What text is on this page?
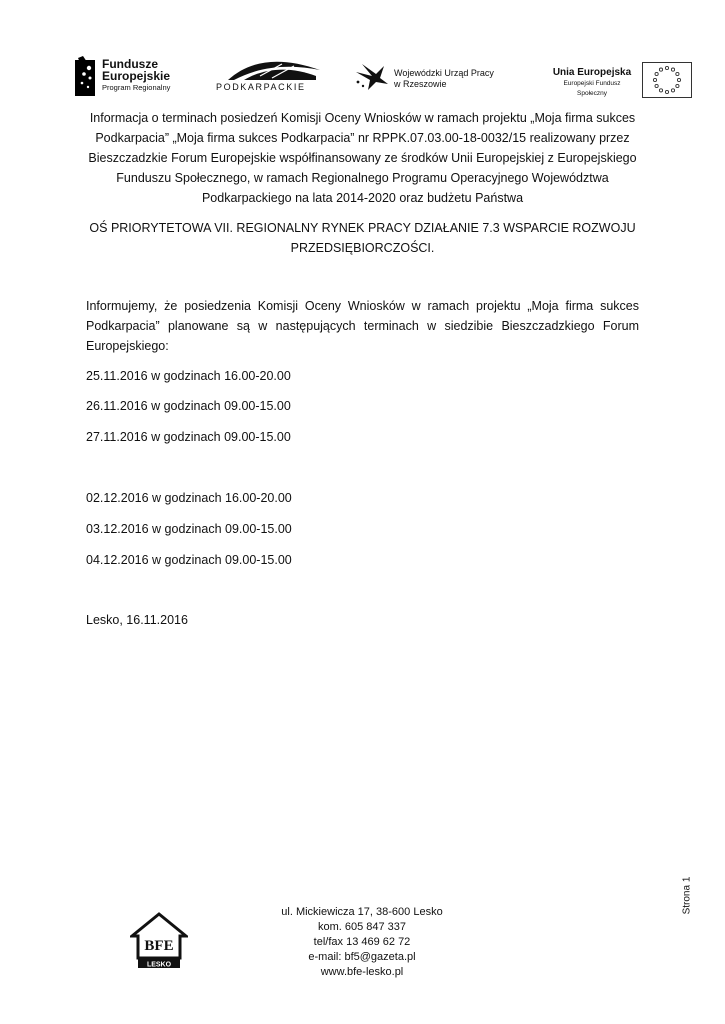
Fundusze
Europejskie
Program Regionalny	PODKARPACKIE
Wojewódzki Urząd Pracy
w Rzeszowie
Unia Europejska
Europejski Fundusz Społeczny
Informacja o terminach posiedzeń Komisji Oceny Wniosków w ramach projektu „Moja firma sukces
Podkarpacia” „Moja firma sukces Podkarpacia” nr RPPK.07.03.00-18-0032/15 realizowany przez
Bieszczadzkie Forum Europejskie współfinansowany ze środków Unii Europejskiej z Europejskiego
Funduszu Społecznego, w ramach Regionalnego Programu Operacyjnego Województwa
Podkarpackiego na lata 2014-2020 oraz budżetu Państwa
OŚ PRIORYTETOWA VII. REGIONALNY RYNEK PRACY DZIAŁANIE 7.3 WSPARCIE ROZWOJU
PRZEDSIĘBIORCZOŚCI.
Informujemy, że posiedzenia Komisji Oceny Wniosków w ramach projektu „Moja firma sukces Podkarpacia” planowane są w następujących terminach w siedzibie Bieszczadzkiego Forum Europejskiego:
25.11.2016 w godzinach 16.00-20.00
26.11.2016 w godzinach 09.00-15.00
27.11.2016 w godzinach 09.00-15.00
02.12.2016 w godzinach 16.00-20.00
03.12.2016 w godzinach 09.00-15.00
04.12.2016 w godzinach 09.00-15.00
Lesko, 16.11.2016
Strona 1
BFE
LESKO
ul. Mickiewicza 17, 38-600 Lesko
kom. 605 847 337
tel/fax 13 469 62 72
e-mail: bf5@gazeta.pl
www.bfe-lesko.pl
